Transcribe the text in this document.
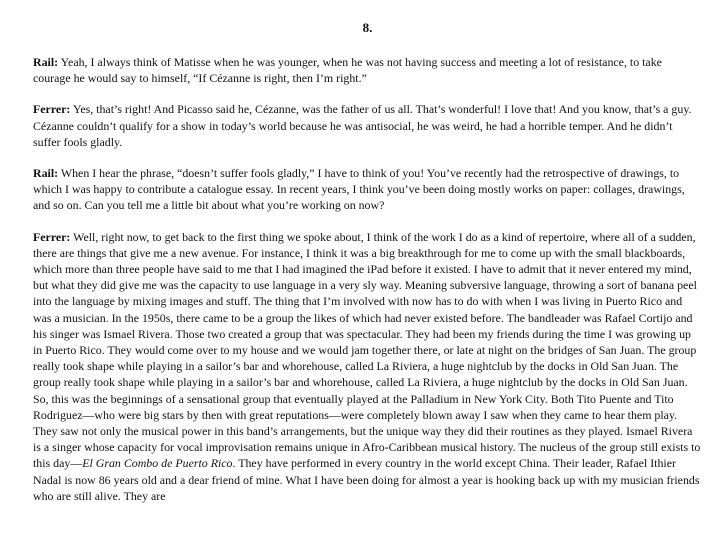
8.

Rail: Yeah, I always think of Matisse when he was younger, when he was not having success and meeting a lot of resistance, to take courage he would say to himself, “If Cézanne is right, then I’m right.”

Ferrer: Yes, that’s right! And Picasso said he, Cézanne, was the father of us all. That’s wonderful! I love that! And you know, that’s a guy. Cézanne couldn’t qualify for a show in today’s world because he was antisocial, he was weird, he had a horrible temper. And he didn’t suffer fools gladly.

Rail: When I hear the phrase, “doesn’t suffer fools gladly,” I have to think of you! You’ve recently had the retrospective of drawings, to which I was happy to contribute a catalogue essay. In recent years, I think you’ve been doing mostly works on paper: collages, drawings, and so on. Can you tell me a little bit about what you’re working on now?

Ferrer: Well, right now, to get back to the first thing we spoke about, I think of the work I do as a kind of repertoire, where all of a sudden, there are things that give me a new avenue. For instance, I think it was a big breakthrough for me to come up with the small blackboards, which more than three people have said to me that I had imagined the iPad before it existed. I have to admit that it never entered my mind, but what they did give me was the capacity to use language in a very sly way. Meaning subversive language, throwing a sort of banana peel into the language by mixing images and stuff. The thing that I’m involved with now has to do with when I was living in Puerto Rico and was a musician. In the 1950s, there came to be a group the likes of which had never existed before. The bandleader was Rafael Cortijo and his singer was Ismael Rivera. Those two created a group that was spectacular. They had been my friends during the time I was growing up in Puerto Rico. They would come over to my house and we would jam together there, or late at night on the bridges of San Juan. The group really took shape while playing in a sailor’s bar and whorehouse, called La Riviera, a huge nightclub by the docks in Old San Juan. The group really took shape while playing in a sailor’s bar and whorehouse, called La Riviera, a huge nightclub by the docks in Old San Juan. So, this was the beginnings of a sensational group that eventually played at the Palladium in New York City. Both Tito Puente and Tito Rodriguez—who were big stars by then with great reputations—were completely blown away I saw when they came to hear them play. They saw not only the musical power in this band’s arrangements, but the unique way they did their routines as they played. Ismael Rivera is a singer whose capacity for vocal improvisation remains unique in Afro-Caribbean musical history. The nucleus of the group still exists to this day—El Gran Combo de Puerto Rico. They have performed in every country in the world except China. Their leader, Rafael Ithier Nadal is now 86 years old and a dear friend of mine. What I have been doing for almost a year is hooking back up with my musician friends who are still alive. They are
